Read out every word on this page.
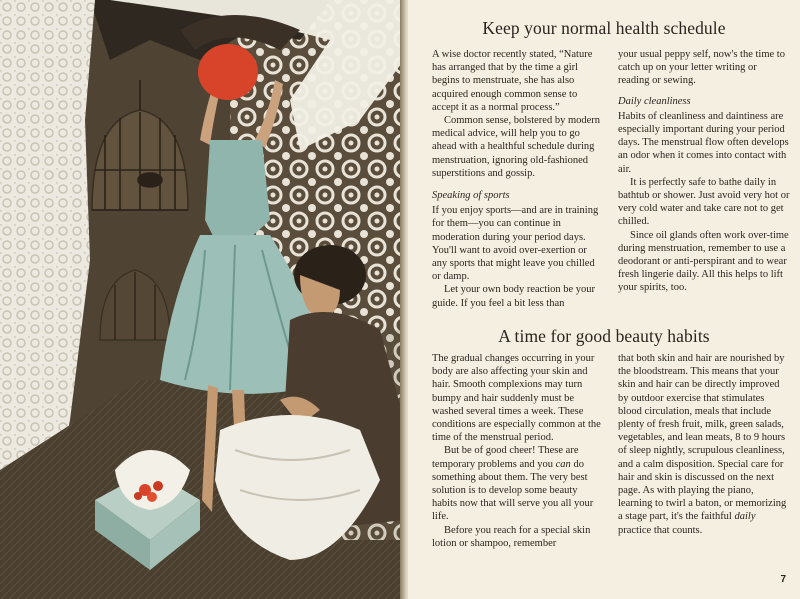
Keep your normal health schedule

A wise doctor recently stated, “Nature has arranged that by the time a girl begins to menstruate, she has also acquired enough common sense to accept it as a normal process.”

Common sense, bolstered by modern medical advice, will help you to go ahead with a healthful schedule during menstruation, ignoring old-fashioned superstitions and gossip.

Speaking of sports

If you enjoy sports—and are in training for them—you can continue in moderation during your period days. You'll want to avoid over-exertion or any sports that might leave you chilled or damp.

Let your own body reaction be your guide. If you feel a bit less than

your usual peppy self, now's the time to catch up on your letter writing or reading or sewing.

Daily cleanliness

Habits of cleanliness and daintiness are especially important during your period days. The menstrual flow often develops an odor when it comes into contact with air.

It is perfectly safe to bathe daily in bathtub or shower. Just avoid very hot or very cold water and take care not to get chilled.

Since oil glands often work over-time during menstruation, remember to use a deodorant or anti-perspirant and to wear fresh lingerie daily. All this helps to lift your spirits, too.

A time for good beauty habits

The gradual changes occurring in your body are also affecting your skin and hair. Smooth complexions may turn bumpy and hair suddenly must be washed several times a week. These conditions are especially common at the time of the menstrual period.

But be of good cheer! These are temporary problems and you can do something about them. The very best solution is to develop some beauty habits now that will serve you all your life.

Before you reach for a special skin lotion or shampoo, remember

that both skin and hair are nourished by the bloodstream. This means that your skin and hair can be directly improved by outdoor exercise that stimulates blood circulation, meals that include plenty of fresh fruit, milk, green salads, vegetables, and lean meats, 8 to 9 hours of sleep nightly, scrupulous cleanliness, and a calm disposition. Special care for hair and skin is discussed on the next page. As with playing the piano, learning to twirl a baton, or memorizing a stage part, it's the faithful daily practice that counts.

7
